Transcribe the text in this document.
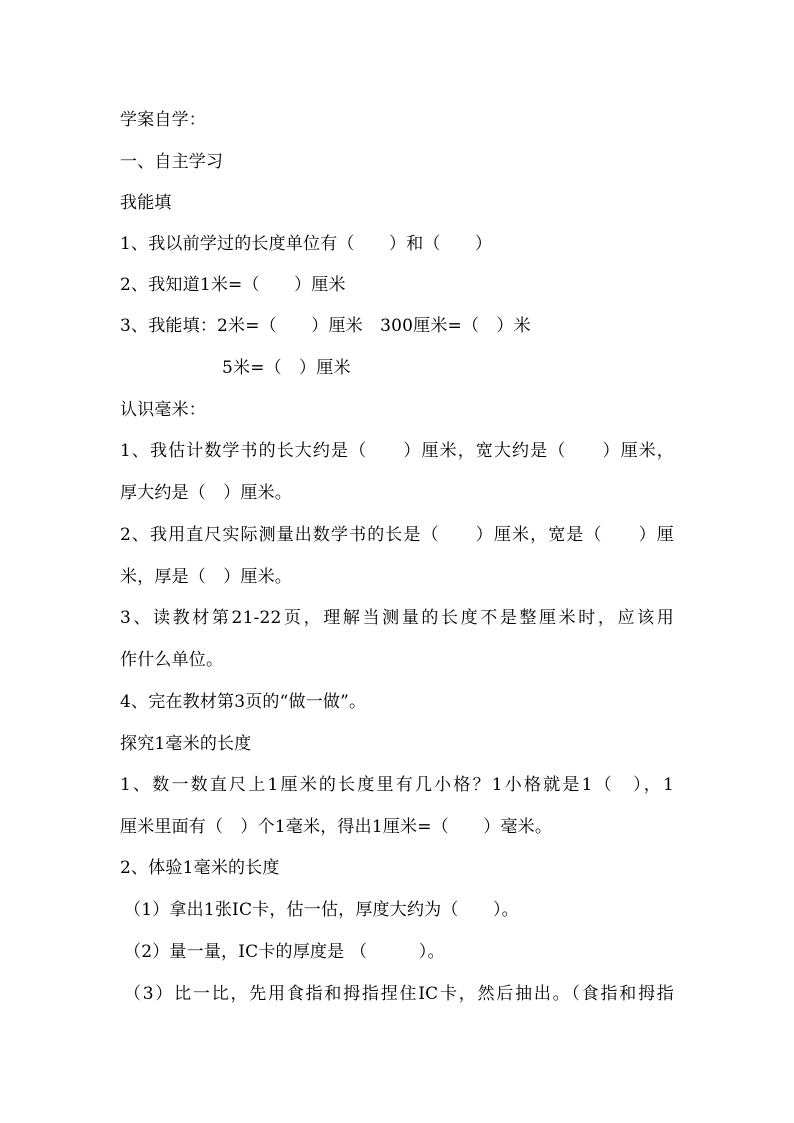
学案自学：
一、自主学习
我能填
1、我以前学过的长度单位有（　　）和（　　）
2、我知道1米=（　　）厘米
3、我能填：2米=（　　）厘米　300厘米=（　）米
5米=（　）厘米
认识毫米：
1、我估计数学书的长大约是（　　）厘米，宽大约是（　　）厘米，
厚大约是（　）厘米。
2、我用直尺实际测量出数学书的长是（　　）厘米，宽是（　　）厘
米，厚是（　）厘米。
3、读教材第21-22页，理解当测量的长度不是整厘米时，应该用
作什么单位。
4、完在教材第3页的“做一做”。
探究1毫米的长度
1、数一数直尺上1厘米的长度里有几小格？1小格就是1（　），1
厘米里面有（　）个1毫米，得出1厘米=（　　）毫米。
2、体验1毫米的长度
（1）拿出1张IC卡，估一估，厚度大约为（　　）。
（2）量一量，IC卡的厚度是 （　　　）。
（3）比一比，先用食指和拇指捏住IC卡，然后抽出。（食指和拇指
